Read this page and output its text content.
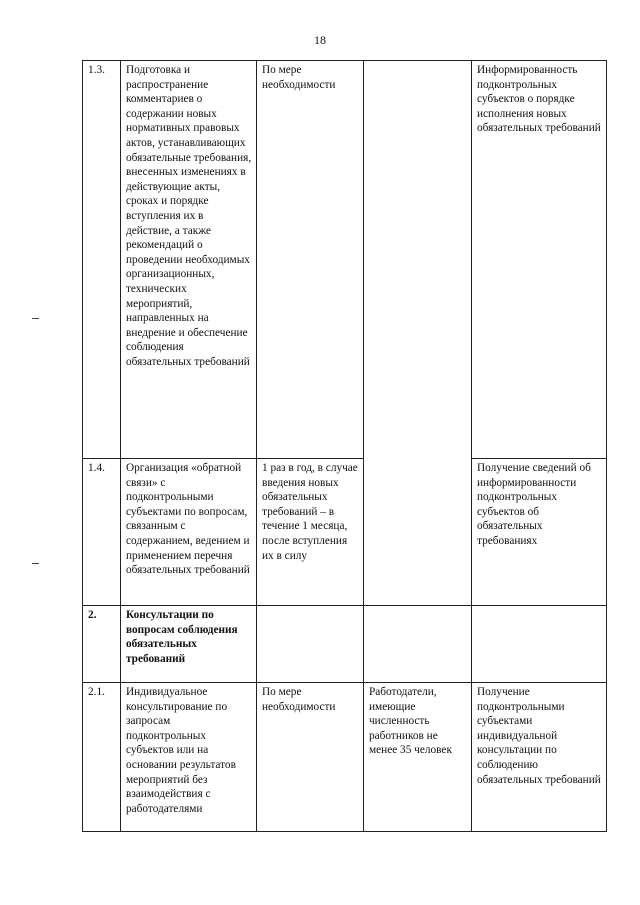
18
1.3.	Подготовка и распространение комментариев о содержании новых нормативных правовых актов, устанавливающих обязательные требования, внесенных изменениях в действующие акты, сроках и порядке вступления их в действие, а также рекомендаций о проведении необходимых организационных, технических мероприятий, направленных на внедрение и обеспечение соблюдения обязательных требований	По мере необходимости		Информированность подконтрольных субъектов о порядке исполнения новых обязательных требований
1.4.	Организация «обратной связи» с подконтрольными субъектами по вопросам, связанным с содержанием, ведением и применением перечня обязательных требований	1 раз в год, в случае введения новых обязательных требований – в течение 1 месяца, после вступления их в силу		Получение сведений об информированности подконтрольных субъектов об обязательных требованиях
2.	Консультации по вопросам соблюдения обязательных требований			
2.1.	Индивидуальное консультирование по запросам подконтрольных субъектов или на основании результатов мероприятий без взаимодействия с работодателями	По мере необходимости	Работодатели, имеющие численность работников не менее 35 человек	Получение подконтрольными субъектами индивидуальной консультации по соблюдению обязательных требований
